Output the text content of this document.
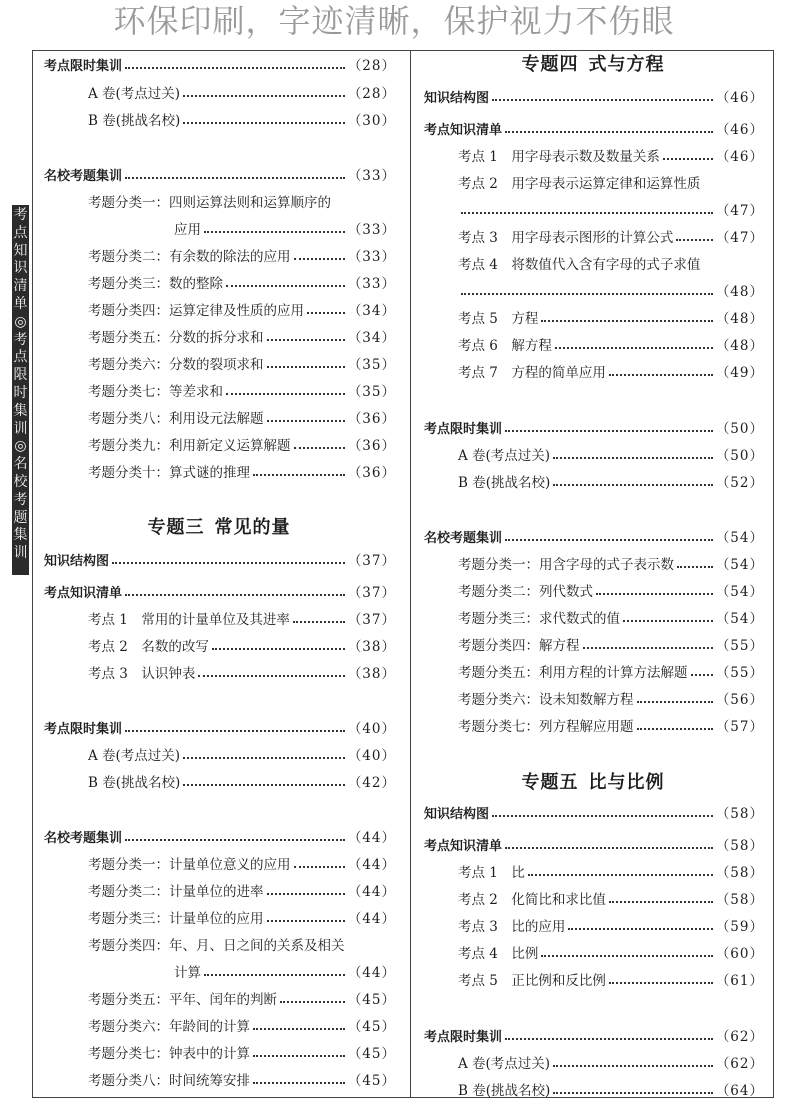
环保印刷，字迹清晰，保护视力不伤眼
考
点
知
识
清
单
◎
考
点
限
时
集
训
◎
名
校
考
题
集
训
考点限时集训	（28）
A 卷(考点过关)	（28）
B 卷(挑战名校)	（30）
名校考题集训	（33）
考题分类一：四则运算法则和运算顺序的
应用	（33）
考题分类二：有余数的除法的应用	（33）
考题分类三：数的整除	（33）
考题分类四：运算定律及性质的应用	（34）
考题分类五：分数的拆分求和	（34）
考题分类六：分数的裂项求和	（35）
考题分类七：等差求和	（35）
考题分类八：利用设元法解题	（36）
考题分类九：利用新定义运算解题	（36）
考题分类十：算式谜的推理	（36）
专题三 常见的量
知识结构图	（37）
考点知识清单	（37）
考点 1　常用的计量单位及其进率	（37）
考点 2　名数的改写	（38）
考点 3　认识钟表	（38）
考点限时集训	（40）
A 卷(考点过关)	（40）
B 卷(挑战名校)	（42）
名校考题集训	（44）
考题分类一：计量单位意义的应用	（44）
考题分类二：计量单位的进率	（44）
考题分类三：计量单位的应用	（44）
考题分类四：年、月、日之间的关系及相关
计算	（44）
考题分类五：平年、闰年的判断	（45）
考题分类六：年龄间的计算	（45）
考题分类七：钟表中的计算	（45）
考题分类八：时间统筹安排	（45）
专题四 式与方程
知识结构图	（46）
考点知识清单	（46）
考点 1　用字母表示数及数量关系	（46）
考点 2　用字母表示运算定律和运算性质
（47）
考点 3　用字母表示图形的计算公式	（47）
考点 4　将数值代入含有字母的式子求值
（48）
考点 5　方程	（48）
考点 6　解方程	（48）
考点 7　方程的简单应用	（49）
考点限时集训	（50）
A 卷(考点过关)	（50）
B 卷(挑战名校)	（52）
名校考题集训	（54）
考题分类一：用含字母的式子表示数	（54）
考题分类二：列代数式	（54）
考题分类三：求代数式的值	（54）
考题分类四：解方程	（55）
考题分类五：利用方程的计算方法解题 （55）
考题分类六：设未知数解方程	（56）
考题分类七：列方程解应用题	（57）
专题五 比与比例
知识结构图	（58）
考点知识清单	（58）
考点 1　比	（58）
考点 2　化简比和求比值	（58）
考点 3　比的应用	（59）
考点 4　比例	（60）
考点 5　正比例和反比例	（61）
考点限时集训	（62）
A 卷(考点过关)	（62）
B 卷(挑战名校)	（64）
